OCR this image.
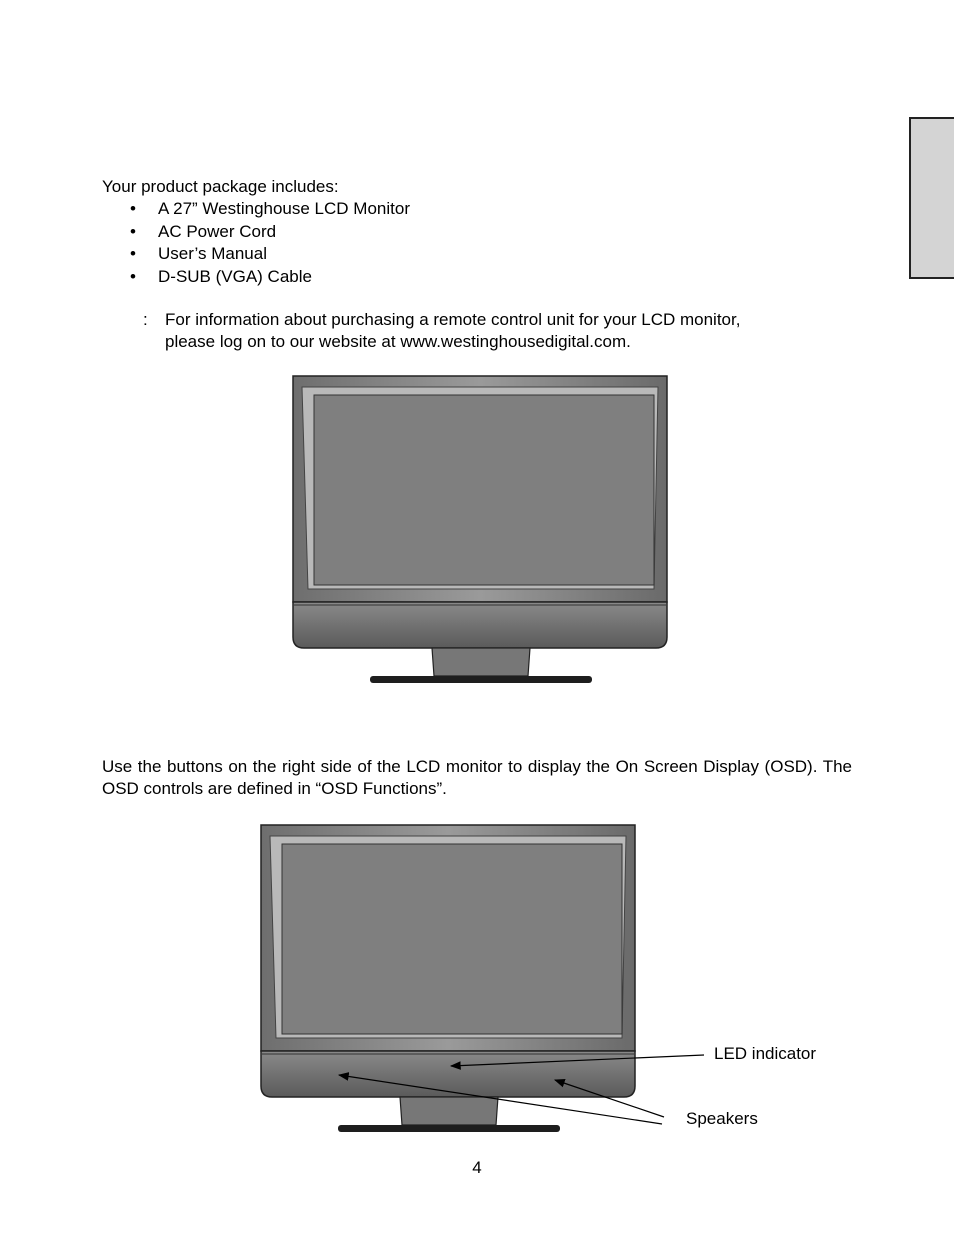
Your product package includes:
• A 27” Westinghouse LCD Monitor
• AC Power Cord
• User’s Manual
• D-SUB (VGA) Cable
: For information about purchasing a remote control unit for your LCD monitor,
please log on to our website at www.westinghousedigital.com.
Use the buttons on the right side of the LCD monitor to display the On Screen Display (OSD). The OSD controls are defined in “OSD Functions”.
LED indicator
Speakers
4
